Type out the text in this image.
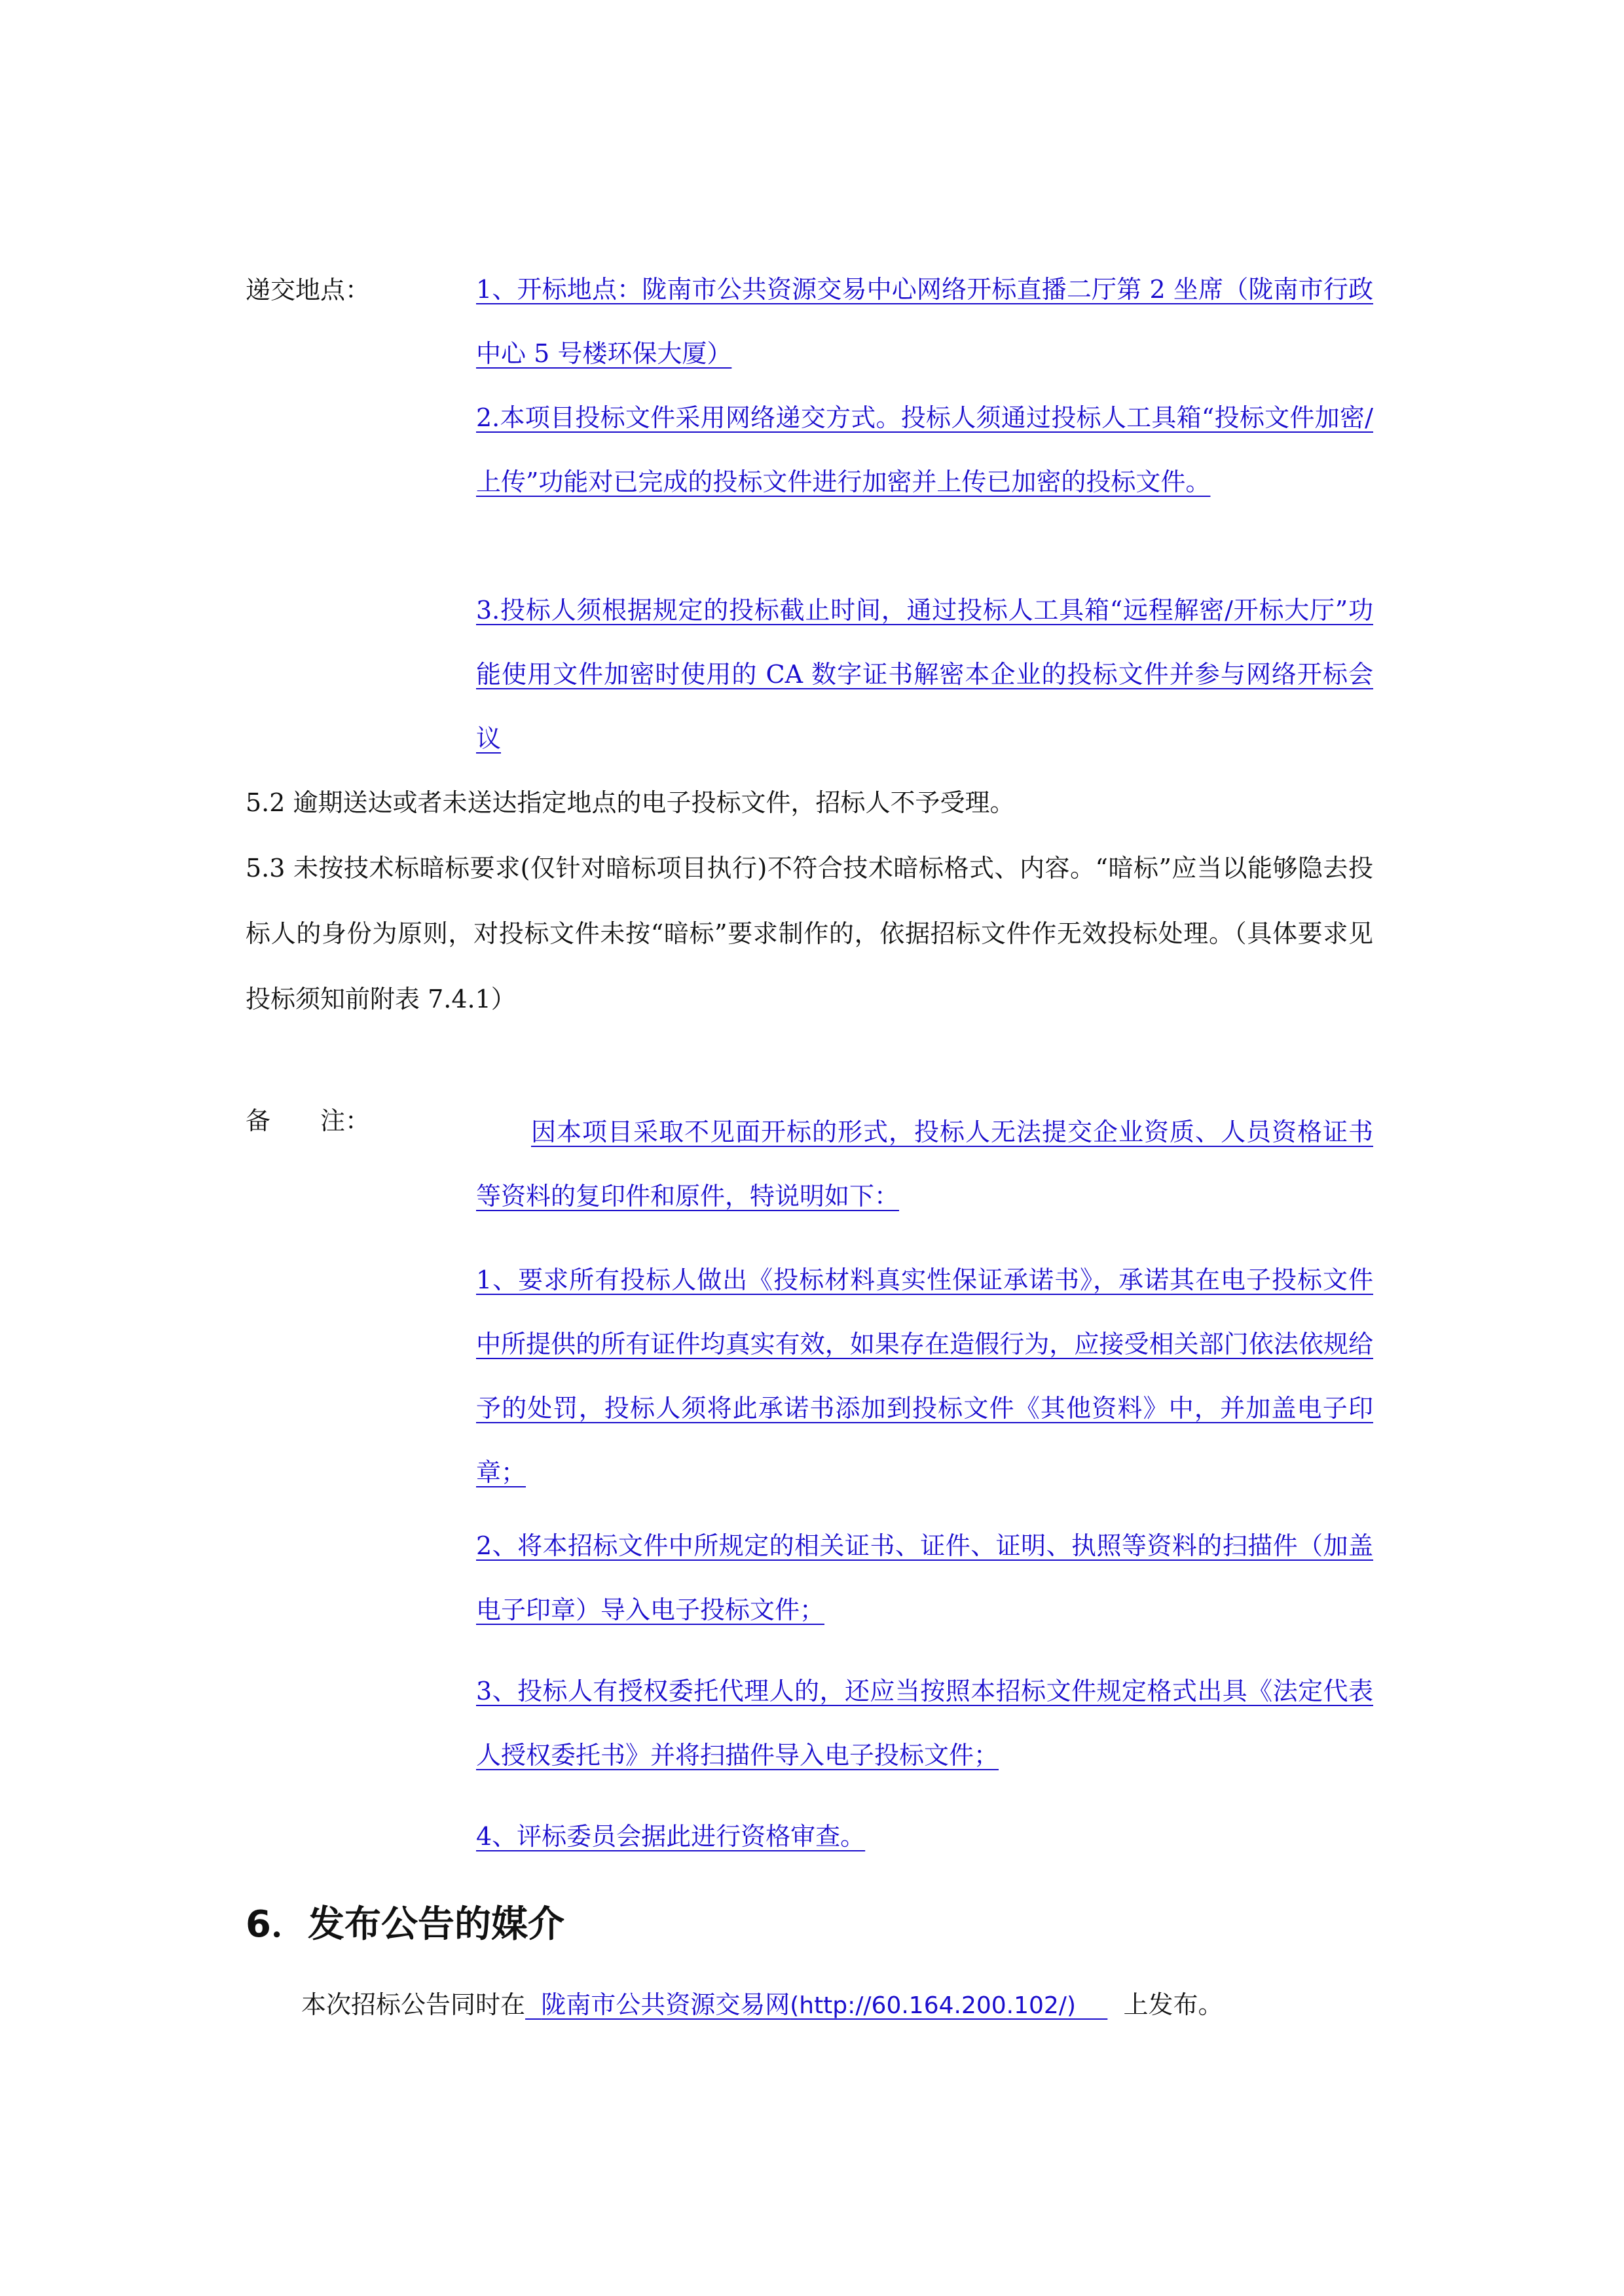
递交地点：	1、开标地点：陇南市公共资源交易中心网络开标直播二厅第 2 坐席（陇南市行政中心 5 号楼环保大厦）
2.本项目投标文件采用网络递交方式。投标人须通过投标人工具箱“投标文件加密/上传”功能对已完成的投标文件进行加密并上传已加密的投标文件。
3.投标人须根据规定的投标截止时间，通过投标人工具箱“远程解密/开标大厅”功能使用文件加密时使用的 CA 数字证书解密本企业的投标文件并参与网络开标会议
5.2 逾期送达或者未送达指定地点的电子投标文件，招标人不予受理。
5.3 未按技术标暗标要求(仅针对暗标项目执行)不符合技术暗标格式、内容。“暗标”应当以能够隐去投标人的身份为原则，对投标文件未按“暗标”要求制作的，依据招标文件作无效投标处理。（具体要求见投标须知前附表 7.4.1）
备　　注：	因本项目采取不见面开标的形式，投标人无法提交企业资质、人员资格证书等资料的复印件和原件，特说明如下：
1、要求所有投标人做出《投标材料真实性保证承诺书》，承诺其在电子投标文件中所提供的所有证件均真实有效，如果存在造假行为，应接受相关部门依法依规给予的处罚，投标人须将此承诺书添加到投标文件《其他资料》中，并加盖电子印章；
2、将本招标文件中所规定的相关证书、证件、证明、执照等资料的扫描件（加盖电子印章）导入电子投标文件；
3、投标人有授权委托代理人的，还应当按照本招标文件规定格式出具《法定代表人授权委托书》并将扫描件导入电子投标文件；
4、评标委员会据此进行资格审查。
6．发布公告的媒介
本次招标公告同时在 陇南市公共资源交易网(http://60.164.200.102/) 上发布。
